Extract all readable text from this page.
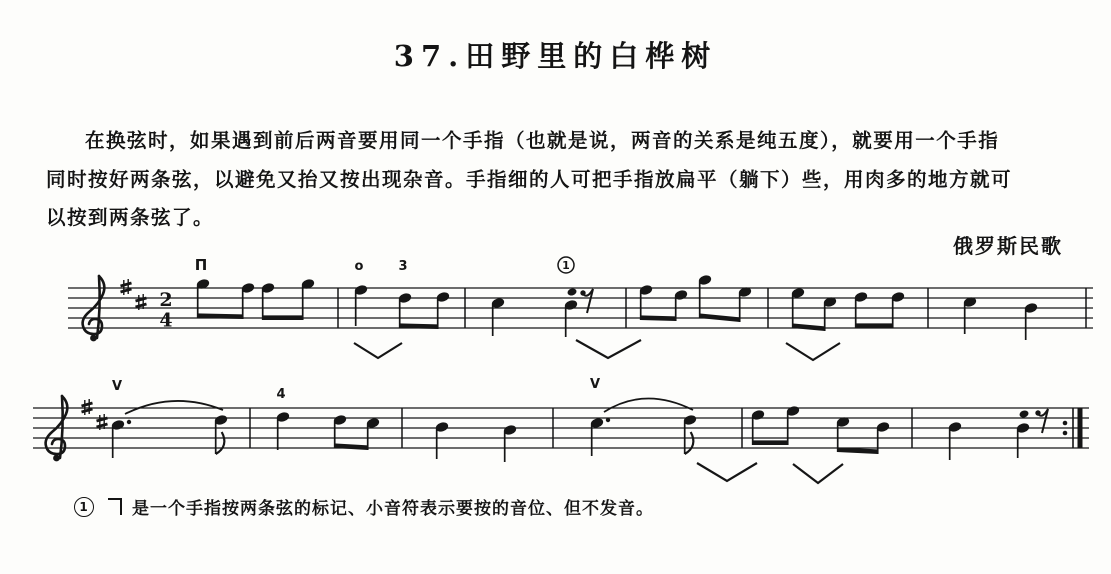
37.田野里的白桦树
在换弦时，如果遇到前后两音要用同一个手指（也就是说，两音的关系是纯五度），就要用一个手指
同时按好两条弦，以避免又抬又按出现杂音。手指细的人可把手指放扁平（躺下）些，用肉多的地方就可
以按到两条弦了。
俄罗斯民歌
2
4
Π	o	3	1
V
4
V
1	是一个手指按两条弦的标记、小音符表示要按的音位、但不发音。
